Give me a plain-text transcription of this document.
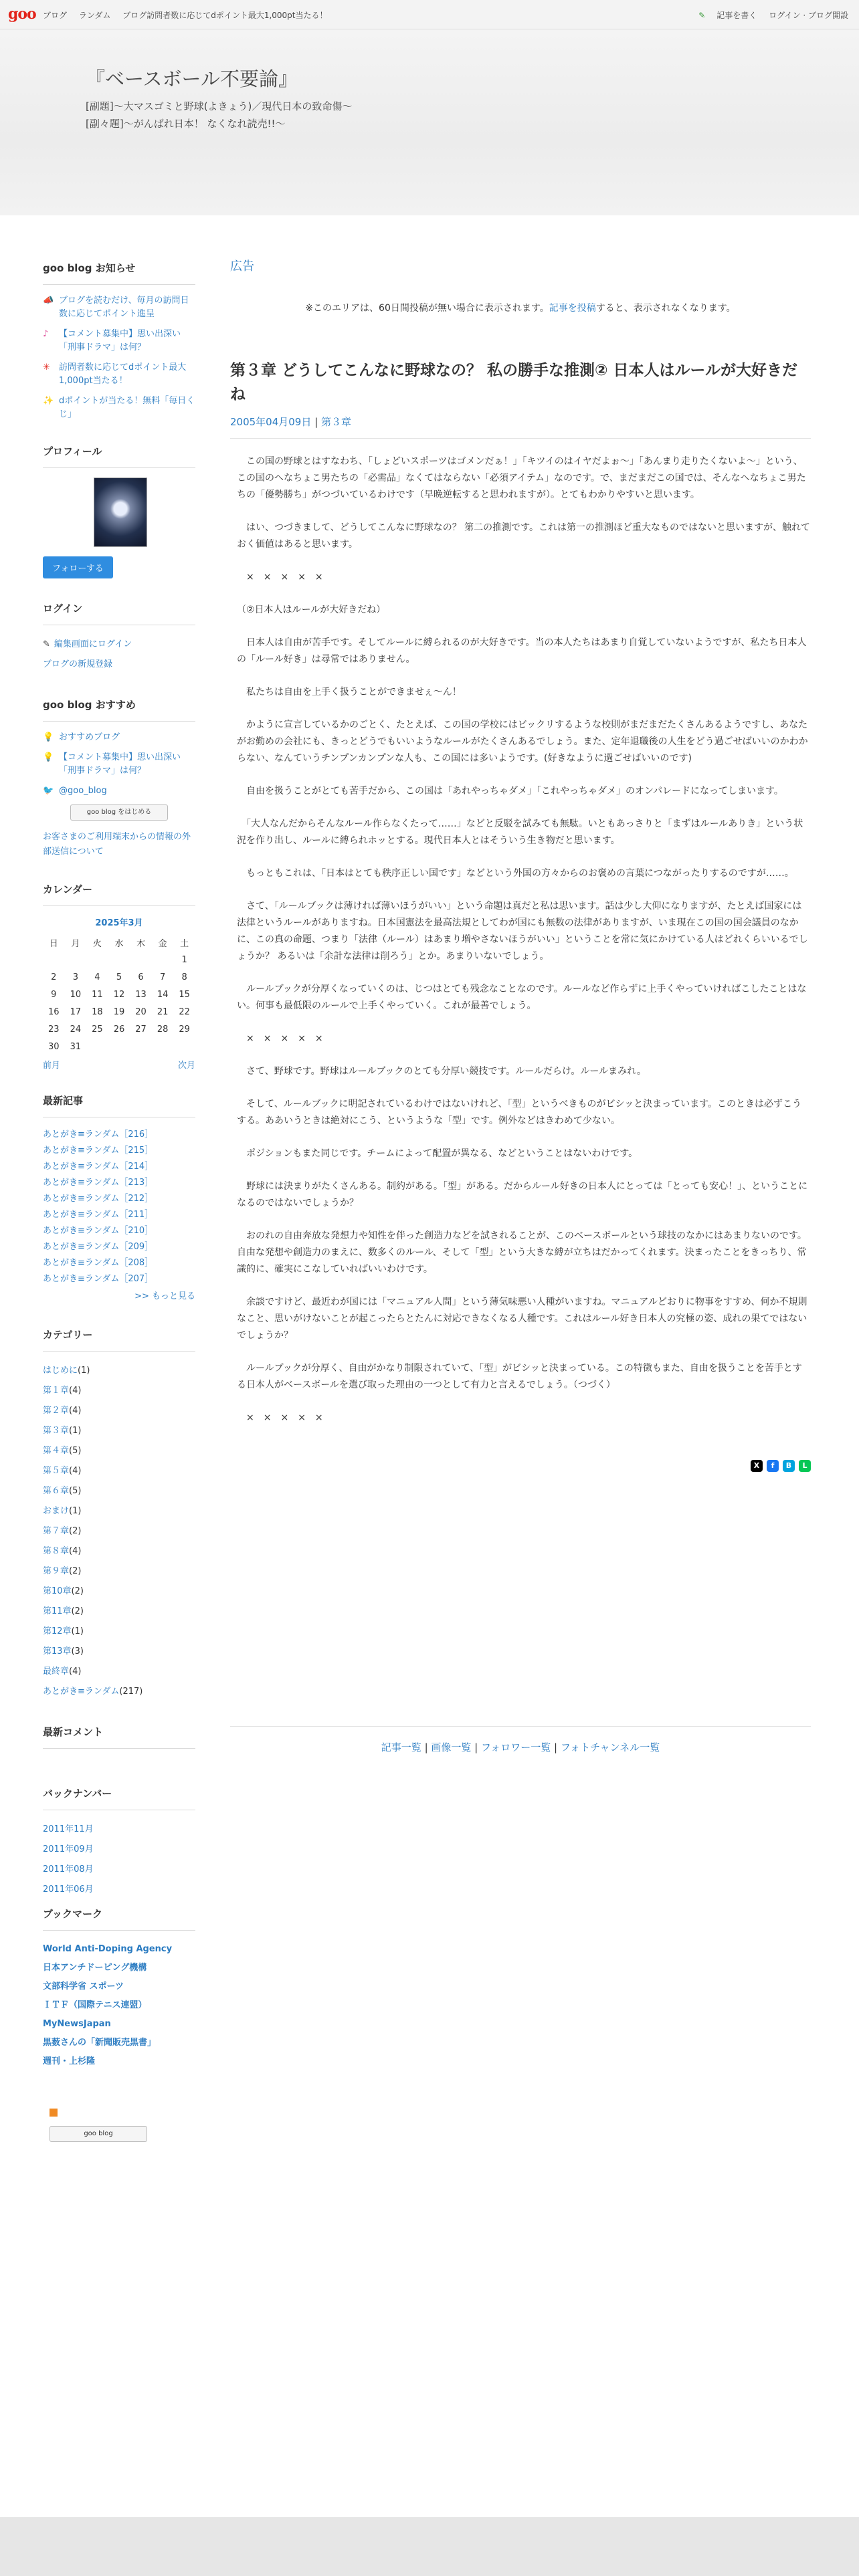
goo ブログ ランダム ブログ訪問者数に応じてdポイント最大1,000pt当たる！	✎ 記事を書く ログイン · ブログ開設
『ベースボール不要論』
[副題]〜大マスゴミと野球(よきょう)／現代日本の致命傷〜
[副々題]〜がんばれ日本！ なくなれ読売!!〜
goo blog お知らせ
📣 ブログを読むだけ、毎月の訪問日数に応じてポイント進呈
♪	【コメント募集中】思い出深い「刑事ドラマ」は何？
✳	訪問者数に応じてdポイント最大1,000pt当たる！
✨ dポイントが当たる！無料「毎日くじ」
プロフィール
フォローする
ログイン
✎ 編集画面にログイン
ブログの新規登録
goo blog おすすめ
💡 おすすめブログ
💡 【コメント募集中】思い出深い「刑事ドラマ」は何？
🐦 @goo_blog
goo blog をはじめる
お客さまのご利用端末からの情報の外部送信について
カレンダー
2025年3月
日	月	火	水	木	金	土
						1
2	3	4	5	6	7	8
9	10	11	12	13	14	15
16	17	18	19	20	21	22
23	24	25	26	27	28	29
30	31					
前月	次月
最新記事
あとがき≡ランダム［216］
あとがき≡ランダム［215］
あとがき≡ランダム［214］
あとがき≡ランダム［213］
あとがき≡ランダム［212］
あとがき≡ランダム［211］
あとがき≡ランダム［210］
あとがき≡ランダム［209］
あとがき≡ランダム［208］
あとがき≡ランダム［207］
>> もっと見る
カテゴリー
はじめに(1)
第１章(4)
第２章(4)
第３章(1)
第４章(5)
第５章(4)
第６章(5)
おまけ(1)
第７章(2)
第８章(4)
第９章(2)
第10章(2)
第11章(2)
第12章(1)
第13章(3)
最終章(4)
あとがき≡ランダム(217)
最新コメント
バックナンバー
2011年11月
2011年09月
2011年08月
2011年06月
ブックマーク
World Anti-Doping Agency
日本アンチドーピング機構
文部科学省 スポーツ
ＩＴＦ（国際テニス連盟）
MyNewsJapan
黒薮さんの「新聞販売黒書」
週刊・上杉隆
goo blog
広告
※このエリアは、60日間投稿が無い場合に表示されます。記事を投稿すると、表示されなくなります。
第３章 どうしてこんなに野球なの？ 私の勝手な推測② 日本人はルールが大好きだね
2005年04月09日 | 第３章

　この国の野球とはすなわち、「しょどいスポーツはゴメンだぁ！」「キツイのはイヤだよぉ〜」「あんまり走りたくないよ〜」という、この国のへなちょこ男たちの「必需品」なくてはならない「必須アイテム」なのです。で、まだまだこの国では、そんなへなちょこ男たちの「優勢勝ち」がつづいているわけです（早晩逆転すると思われますが）。とてもわかりやすいと思います。

　はい、つづきまして、どうしてこんなに野球なの？ 第二の推測です。これは第一の推測ほど重大なものではないと思いますが、触れておく価値はあると思います。

　×　×　×　×　×

（②日本人はルールが大好きだね）

　日本人は自由が苦手です。そしてルールに縛られるのが大好きです。当の本人たちはあまり自覚していないようですが、私たち日本人の「ルール好き」は尋常ではありません。

　私たちは自由を上手く扱うことができませぇ〜ん！

　かように宣言しているかのごとく、たとえば、この国の学校にはビックリするような校則がまだまだたくさんあるようですし、あなたがお勤めの会社にも、きっとどうでもいいようなルールがたくさんあるでしょう。また、定年退職後の人生をどう過ごせばいいのかわからない、なんていうチンプンカンプンな人も、この国には多いようです。(好きなように過ごせばいいのです)

　自由を扱うことがとても苦手だから、この国は「あれやっちゃダメ」「これやっちゃダメ」のオンパレードになってしまいます。

　「大人なんだからそんなルール作らなくたって……」などと反駁を試みても無駄。いともあっさりと「まずはルールありき」という状況を作り出し、ルールに縛られホッとする。現代日本人とはそういう生き物だと思います。

　もっともこれは、「日本はとても秩序正しい国です」などという外国の方々からのお褒めの言葉につながったりするのですが……。

　さて、「ルールブックは薄ければ薄いほうがいい」という命題は真だと私は思います。話は少し大仰になりますが、たとえば国家には法律というルールがありますね。日本国憲法を最高法規としてわが国にも無数の法律がありますが、いま現在この国の国会議員のなかに、この真の命題、つまり「法律（ルール）はあまり増やさないほうがいい」ということを常に気にかけている人はどれくらいいるでしょうか？ あるいは「余計な法律は削ろう」とか。あまりいないでしょう。

　ルールブックが分厚くなっていくのは、じつはとても残念なことなのです。ルールなど作らずに上手くやっていければこしたことはない。何事も最低限のルールで上手くやっていく。これが最善でしょう。

　×　×　×　×　×

　さて、野球です。野球はルールブックのとても分厚い競技です。ルールだらけ。ルールまみれ。

　そして、ルールブックに明記されているわけではないけれど、「型」というべきものがビシッと決まっています。このときは必ずこうする。ああいうときは絶対にこう、というような「型」です。例外などはきわめて少ない。

　ポジションもまた同じです。チームによって配置が異なる、などということはないわけです。

　野球には決まりがたくさんある。制約がある。「型」がある。だからルール好きの日本人にとっては「とっても安心！」、ということになるのではないでしょうか？

　おのれの自由奔放な発想力や知性を伴った創造力などを試されることが、このベースボールという球技のなかにはあまりないのです。自由な発想や創造力のまえに、数多くのルール、そして「型」という大きな縛が立ちはだかってくれます。決まったことをきっちり、常識的に、確実にこなしていればいいわけです。

　余談ですけど、最近わが国には「マニュアル人間」という薄気味悪い人種がいますね。マニュアルどおりに物事をすすめ、何か不規則なこと、思いがけないことが起こったらとたんに対応できなくなる人種です。これはルール好き日本人の究極の姿、成れの果てではないでしょうか？

　ルールブックが分厚く、自由がかなり制限されていて、「型」がビシッと決まっている。この特徴もまた、自由を扱うことを苦手とする日本人がベースボールを選び取った理由の一つとして有力と言えるでしょう。（つづく）

　×　×　×　×　×

X	f	B	L
記事一覧 | 画像一覧 | フォロワー一覧 | フォトチャンネル一覧
